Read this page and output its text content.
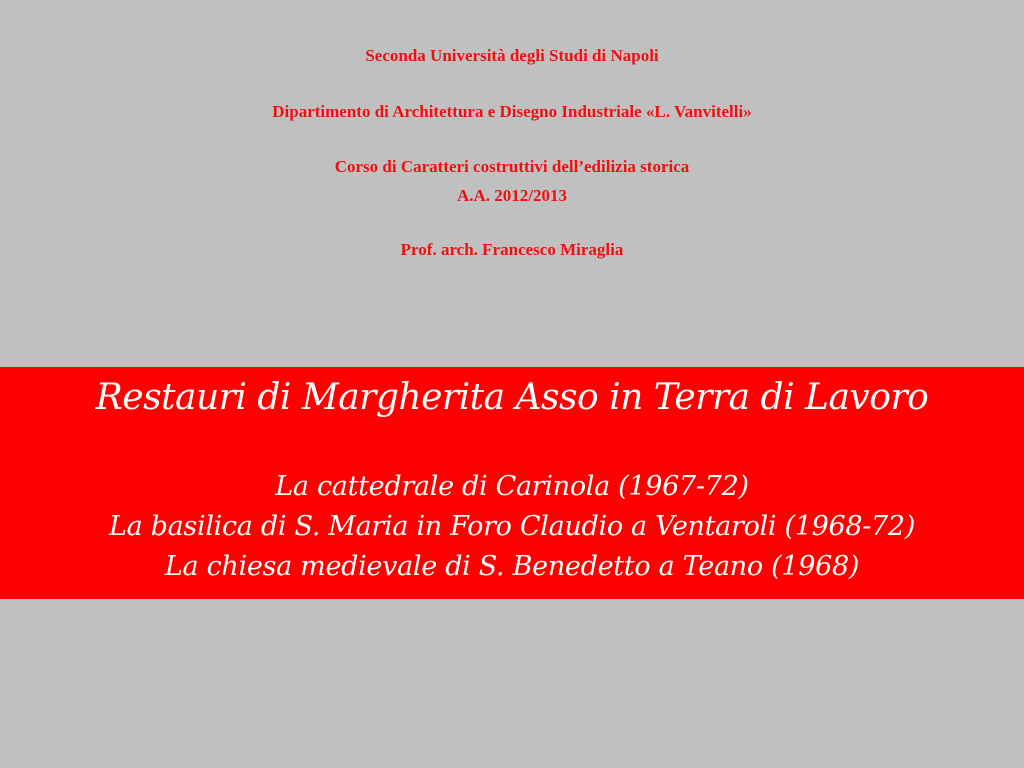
Seconda Università degli Studi di Napoli
Dipartimento di Architettura e Disegno Industriale «L. Vanvitelli»
Corso di Caratteri costruttivi dell’edilizia storica
A.A. 2012/2013
Prof. arch. Francesco Miraglia
Restauri di Margherita Asso in Terra di Lavoro
La cattedrale di Carinola (1967-72)
La basilica di S. Maria in Foro Claudio a Ventaroli (1968-72)
La chiesa medievale di S. Benedetto a Teano (1968)
